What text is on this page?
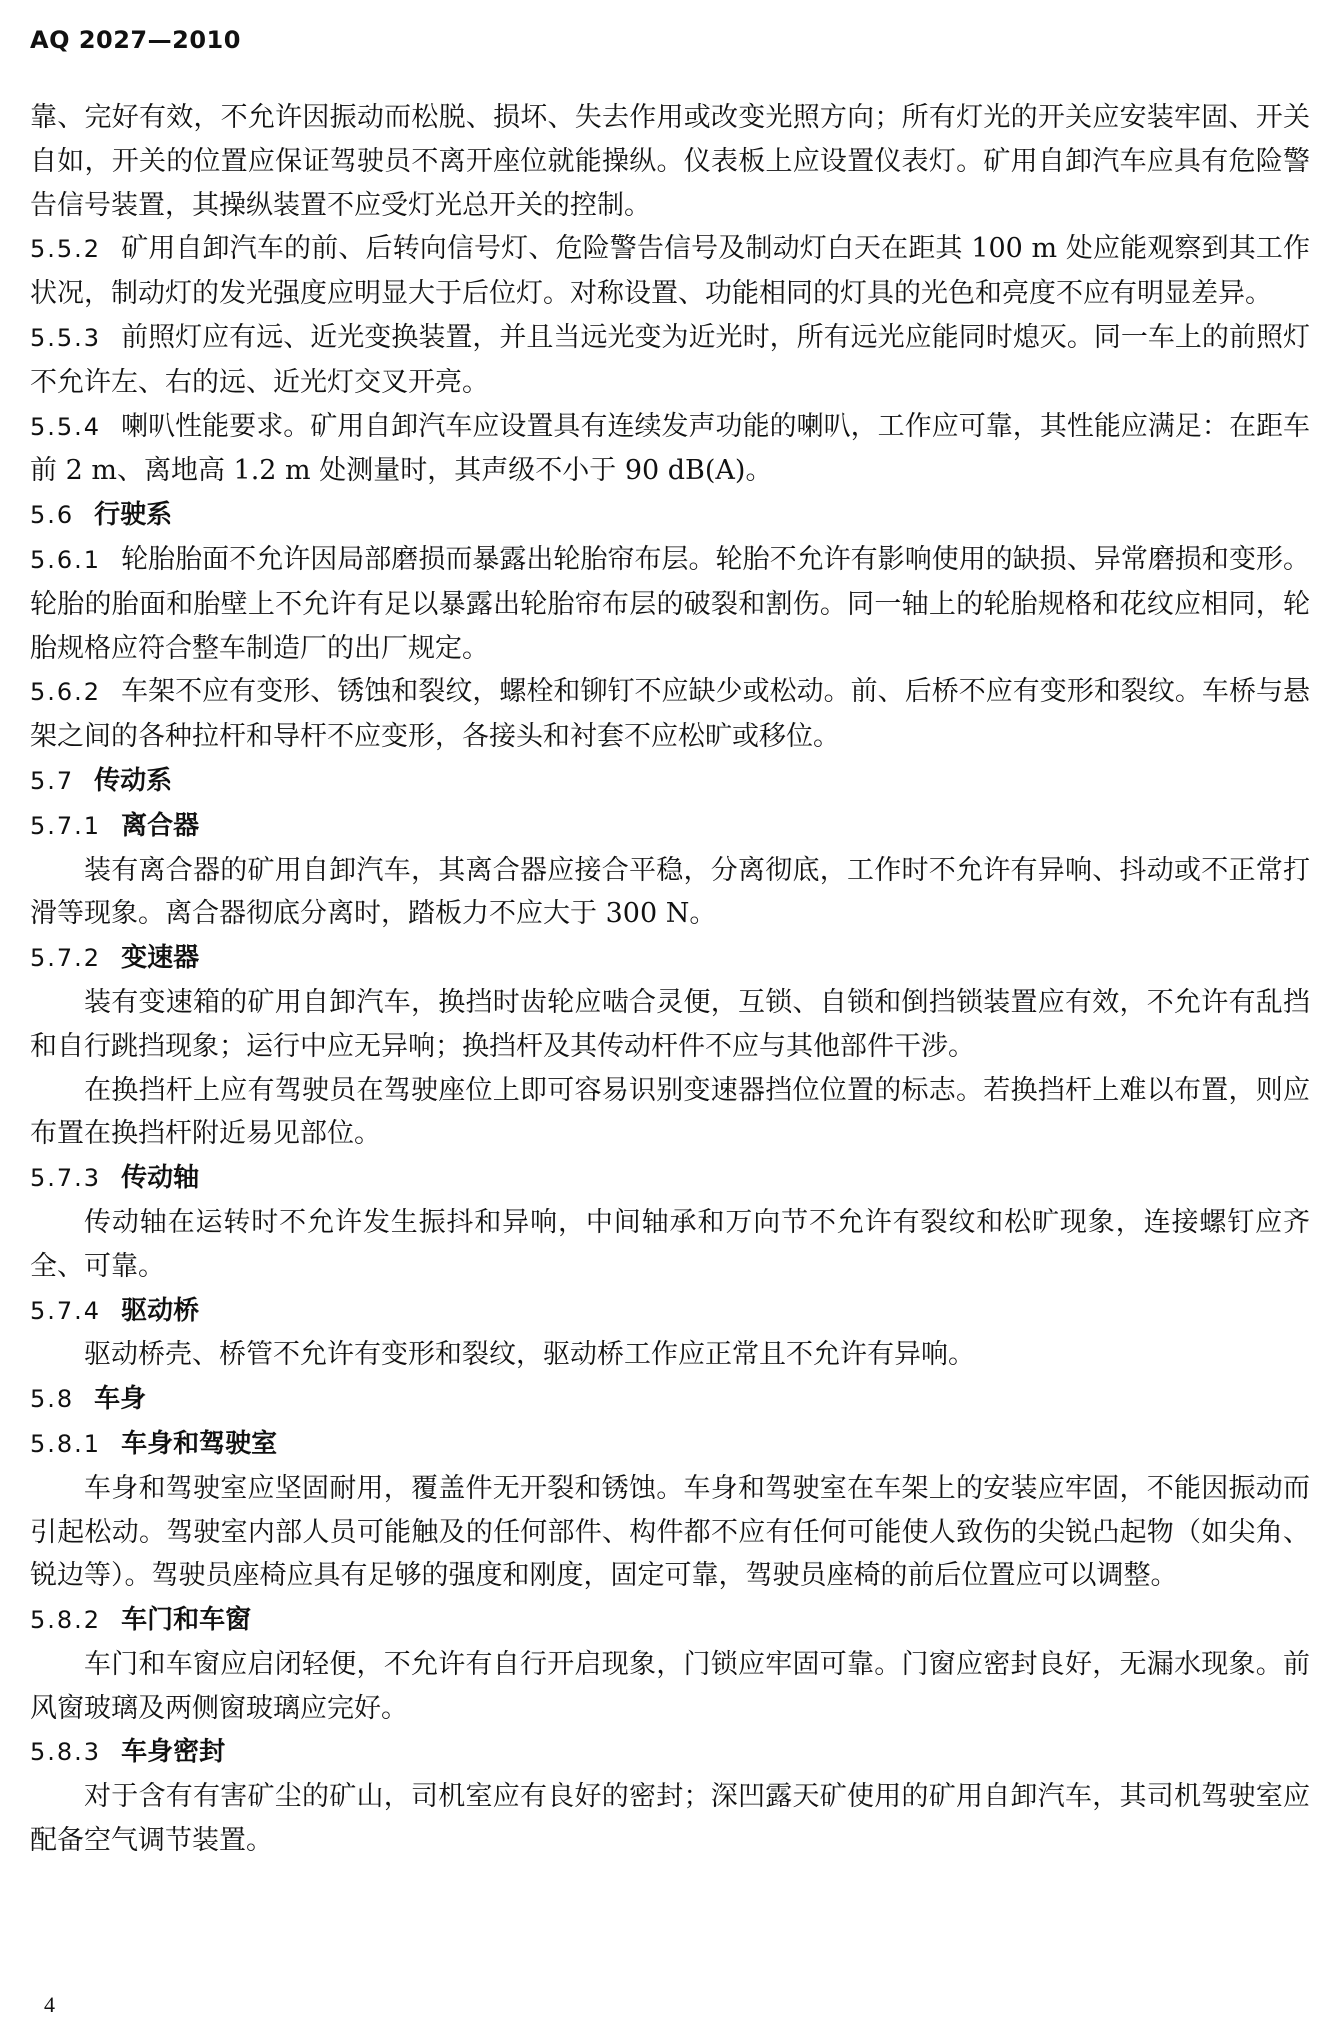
AQ 2027—2010

靠、完好有效，不允许因振动而松脱、损坏、失去作用或改变光照方向；所有灯光的开关应安装牢固、开关自如，开关的位置应保证驾驶员不离开座位就能操纵。仪表板上应设置仪表灯。矿用自卸汽车应具有危险警告信号装置，其操纵装置不应受灯光总开关的控制。

5.5.2 矿用自卸汽车的前、后转向信号灯、危险警告信号及制动灯白天在距其 100 m 处应能观察到其工作状况，制动灯的发光强度应明显大于后位灯。对称设置、功能相同的灯具的光色和亮度不应有明显差异。

5.5.3 前照灯应有远、近光变换装置，并且当远光变为近光时，所有远光应能同时熄灭。同一车上的前照灯不允许左、右的远、近光灯交叉开亮。

5.5.4 喇叭性能要求。矿用自卸汽车应设置具有连续发声功能的喇叭，工作应可靠，其性能应满足：在距车前 2 m、离地高 1.2 m 处测量时，其声级不小于 90 dB(A)。

5.6 行驶系

5.6.1 轮胎胎面不允许因局部磨损而暴露出轮胎帘布层。轮胎不允许有影响使用的缺损、异常磨损和变形。轮胎的胎面和胎壁上不允许有足以暴露出轮胎帘布层的破裂和割伤。同一轴上的轮胎规格和花纹应相同，轮胎规格应符合整车制造厂的出厂规定。

5.6.2 车架不应有变形、锈蚀和裂纹，螺栓和铆钉不应缺少或松动。前、后桥不应有变形和裂纹。车桥与悬架之间的各种拉杆和导杆不应变形，各接头和衬套不应松旷或移位。

5.7 传动系

5.7.1 离合器

装有离合器的矿用自卸汽车，其离合器应接合平稳，分离彻底，工作时不允许有异响、抖动或不正常打滑等现象。离合器彻底分离时，踏板力不应大于 300 N。

5.7.2 变速器

装有变速箱的矿用自卸汽车，换挡时齿轮应啮合灵便，互锁、自锁和倒挡锁装置应有效，不允许有乱挡和自行跳挡现象；运行中应无异响；换挡杆及其传动杆件不应与其他部件干涉。

在换挡杆上应有驾驶员在驾驶座位上即可容易识别变速器挡位位置的标志。若换挡杆上难以布置，则应布置在换挡杆附近易见部位。

5.7.3 传动轴

传动轴在运转时不允许发生振抖和异响，中间轴承和万向节不允许有裂纹和松旷现象，连接螺钉应齐全、可靠。

5.7.4 驱动桥

驱动桥壳、桥管不允许有变形和裂纹，驱动桥工作应正常且不允许有异响。

5.8 车身

5.8.1 车身和驾驶室

车身和驾驶室应坚固耐用，覆盖件无开裂和锈蚀。车身和驾驶室在车架上的安装应牢固，不能因振动而引起松动。驾驶室内部人员可能触及的任何部件、构件都不应有任何可能使人致伤的尖锐凸起物（如尖角、锐边等）。驾驶员座椅应具有足够的强度和刚度，固定可靠，驾驶员座椅的前后位置应可以调整。

5.8.2 车门和车窗

车门和车窗应启闭轻便，不允许有自行开启现象，门锁应牢固可靠。门窗应密封良好，无漏水现象。前风窗玻璃及两侧窗玻璃应完好。

5.8.3 车身密封

对于含有有害矿尘的矿山，司机室应有良好的密封；深凹露天矿使用的矿用自卸汽车，其司机驾驶室应配备空气调节装置。

4
